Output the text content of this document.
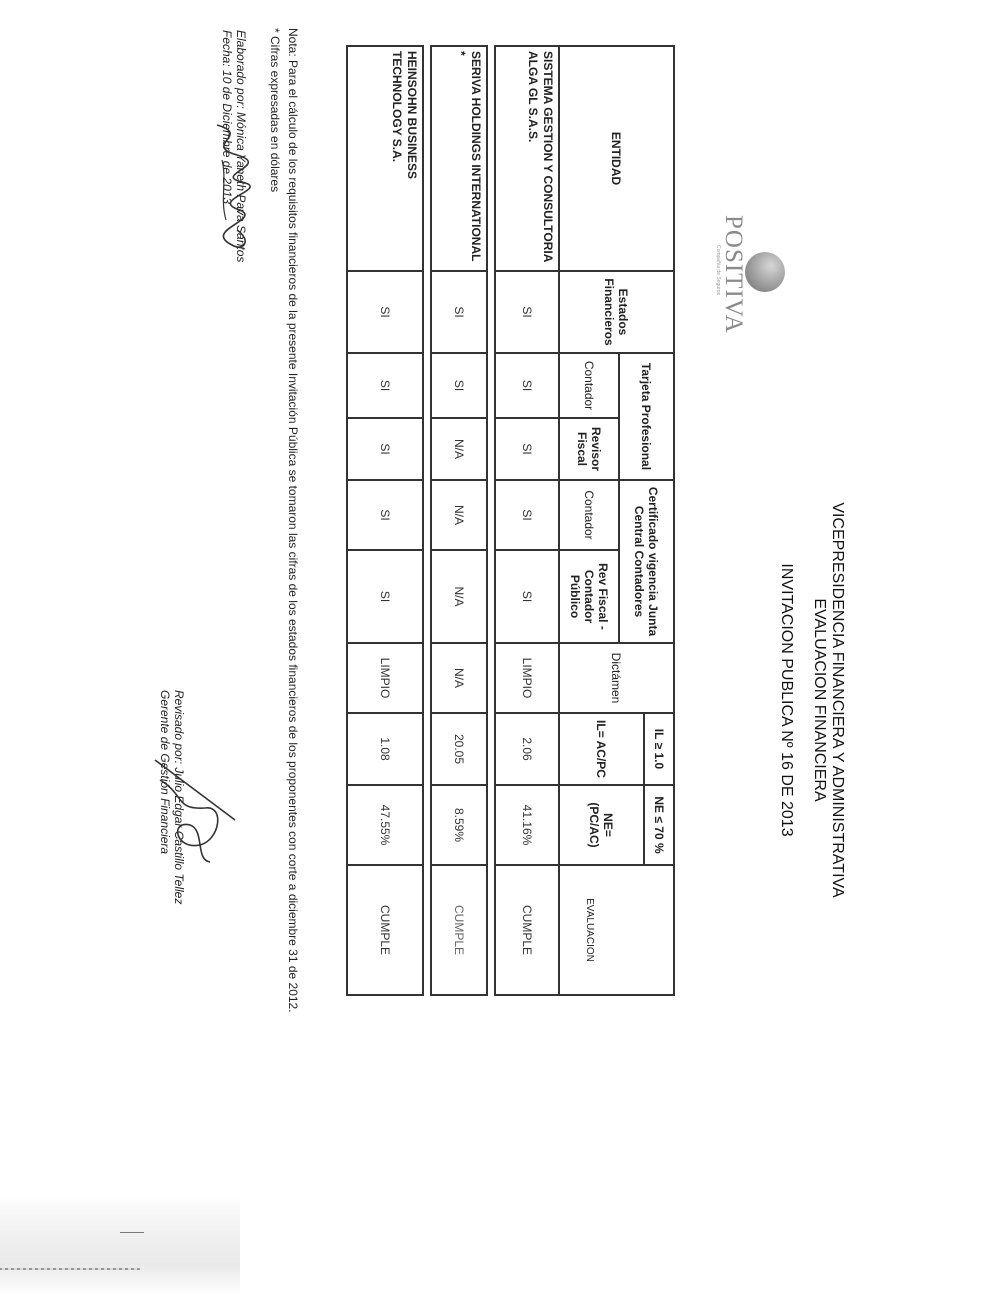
POSITIVA
Compañía de Seguros
VICEPRESIDENCIA FINANCIERA Y ADMINISTRATIVA
EVALUACION FINANCIERA
INVITACION PUBLICA Nº 16 DE 2013
ENTIDAD	Estados Financieros	Tarjeta Profesional		Certificado vigencia Junta Central Contadores		Dictámen	IL ≥ 1.0	NE ≤ 70 %	
							IL= AC/PC	NE= (PC/AC)	
		Contador	Revisor Fiscal	Contador	Rev Fiscal - Contador Público				EVALUACION
SISTEMA GESTION Y CONSULTORIA ALGA GL S.A.S.	SI	SI	SI	SI	SI	LIMPIO	2.06	41.16%	CUMPLE

SERIVA HOLDINGS INTERNATIONAL *	SI	SI	N/A	N/A	N/A	N/A	20.05	8.59%	CUMPLE

HEINSOHN BUSINESS TECHNOLOGY S.A.	SI	SI	SI	SI	SI	LIMPIO	1.08	47.55%	CUMPLE
Nota: Para el cálculo de los requisitos financieros de la presente Invitación Pública se tomaron las cifras de los estados financieros de los proponentes con corte a diciembre 31 de 2012.
* Cifras expresadas en dólares
Elaborado por: Mónica Yaneth Pava Santos
Fecha: 10 de Diciembre de 2013
Revisado por: Julio Edgar Castillo Tellez
Gerente de Gestión Financiera
